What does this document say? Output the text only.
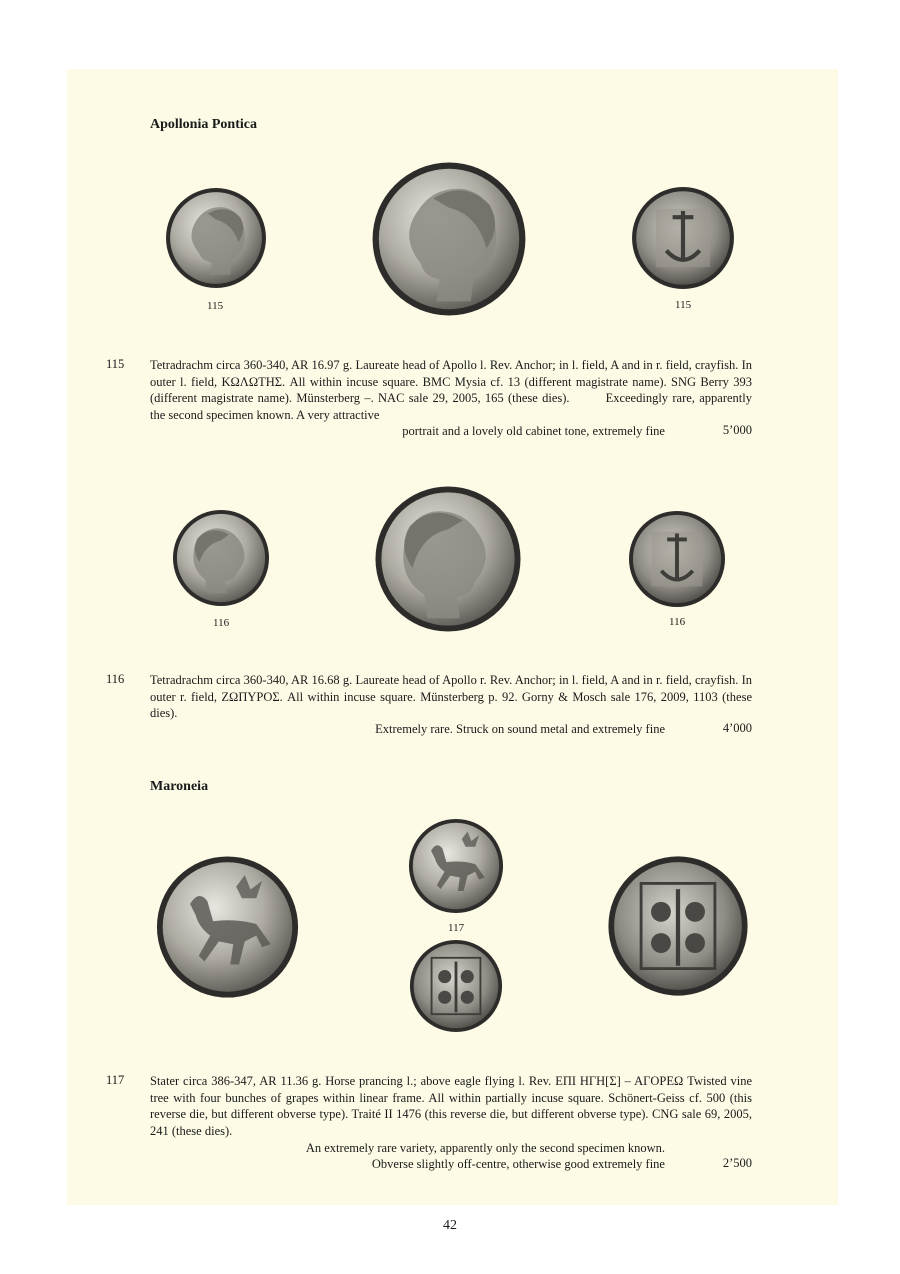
Apollonia Pontica
115	115
115 Tetradrachm circa 360-340, AR 16.97 g. Laureate head of Apollo l. Rev. Anchor; in l. field, A and in r. field, crayfish. In outer l. field, ΚΩΛΩΤΗΣ. All within incuse square. BMC Mysia cf. 13 (different magistrate name). SNG Berry 393 (different magistrate name). Münsterberg –. NAC sale 29, 2005, 165 (these dies).	Exceedingly rare, apparently the second specimen known. A very attractive

portrait and a lovely old cabinet tone, extremely fine	5’000
116	116
116 Tetradrachm circa 360-340, AR 16.68 g. Laureate head of Apollo r. Rev. Anchor; in l. field, A and in r. field, crayfish. In outer r. field, ΖΩΠΥΡΟΣ. All within incuse square. Münsterberg p. 92. Gorny & Mosch sale 176, 2009, 1103 (these dies).

Extremely rare. Struck on sound metal and extremely fine	4’000
Maroneia
117
117 Stater circa 386-347, AR 11.36 g. Horse prancing l.; above eagle flying l. Rev. ΕΠΙ ΗΓΗ[Σ] – ΑΓΟΡΕΩ Twisted vine tree with four bunches of grapes within linear frame. All within partially incuse square. Schönert-Geiss cf. 500 (this reverse die, but different obverse type). Traité II 1476 (this reverse die, but different obverse type). CNG sale 69, 2005, 241 (these dies).

An extremely rare variety, apparently only the second specimen known.
Obverse slightly off-centre, otherwise good extremely fine	2’500
42
